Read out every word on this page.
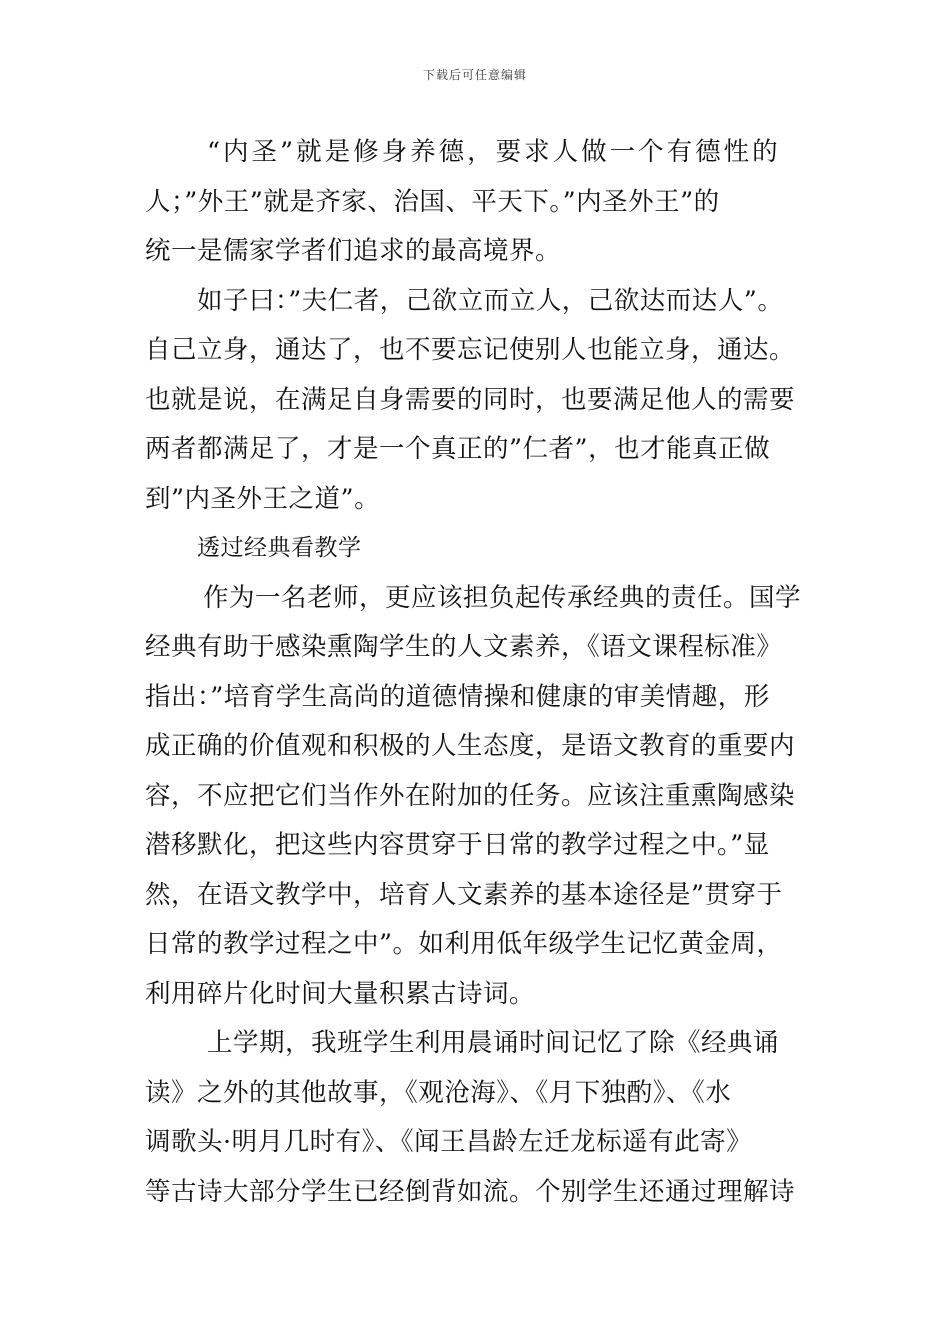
下载后可任意编辑
“内圣”就是修身养德，要求人做一个有德性的
人；”外王”就是齐家、治国、平天下。”内圣外王”的
统一是儒家学者们追求的最高境界。
如子曰：”夫仁者，己欲立而立人，己欲达而达人”。
自己立身，通达了，也不要忘记使别人也能立身，通达。
也就是说，在满足自身需要的同时，也要满足他人的需要
两者都满足了，才是一个真正的”仁者”，也才能真正做
到”内圣外王之道”。
透过经典看教学
作为一名老师，更应该担负起传承经典的责任。国学
经典有助于感染熏陶学生的人文素养，《语文课程标准》
指出：”培育学生高尚的道德情操和健康的审美情趣，形
成正确的价值观和积极的人生态度，是语文教育的重要内
容，不应把它们当作外在附加的任务。应该注重熏陶感染
潜移默化，把这些内容贯穿于日常的教学过程之中。”显
然，在语文教学中，培育人文素养的基本途径是”贯穿于
日常的教学过程之中”。如利用低年级学生记忆黄金周，
利用碎片化时间大量积累古诗词。
上学期，我班学生利用晨诵时间记忆了除《经典诵
读》之外的其他故事，《观沧海》、《月下独酌》、《水
调歌头·明月几时有》、《闻王昌龄左迁龙标遥有此寄》
等古诗大部分学生已经倒背如流。个别学生还通过理解诗
